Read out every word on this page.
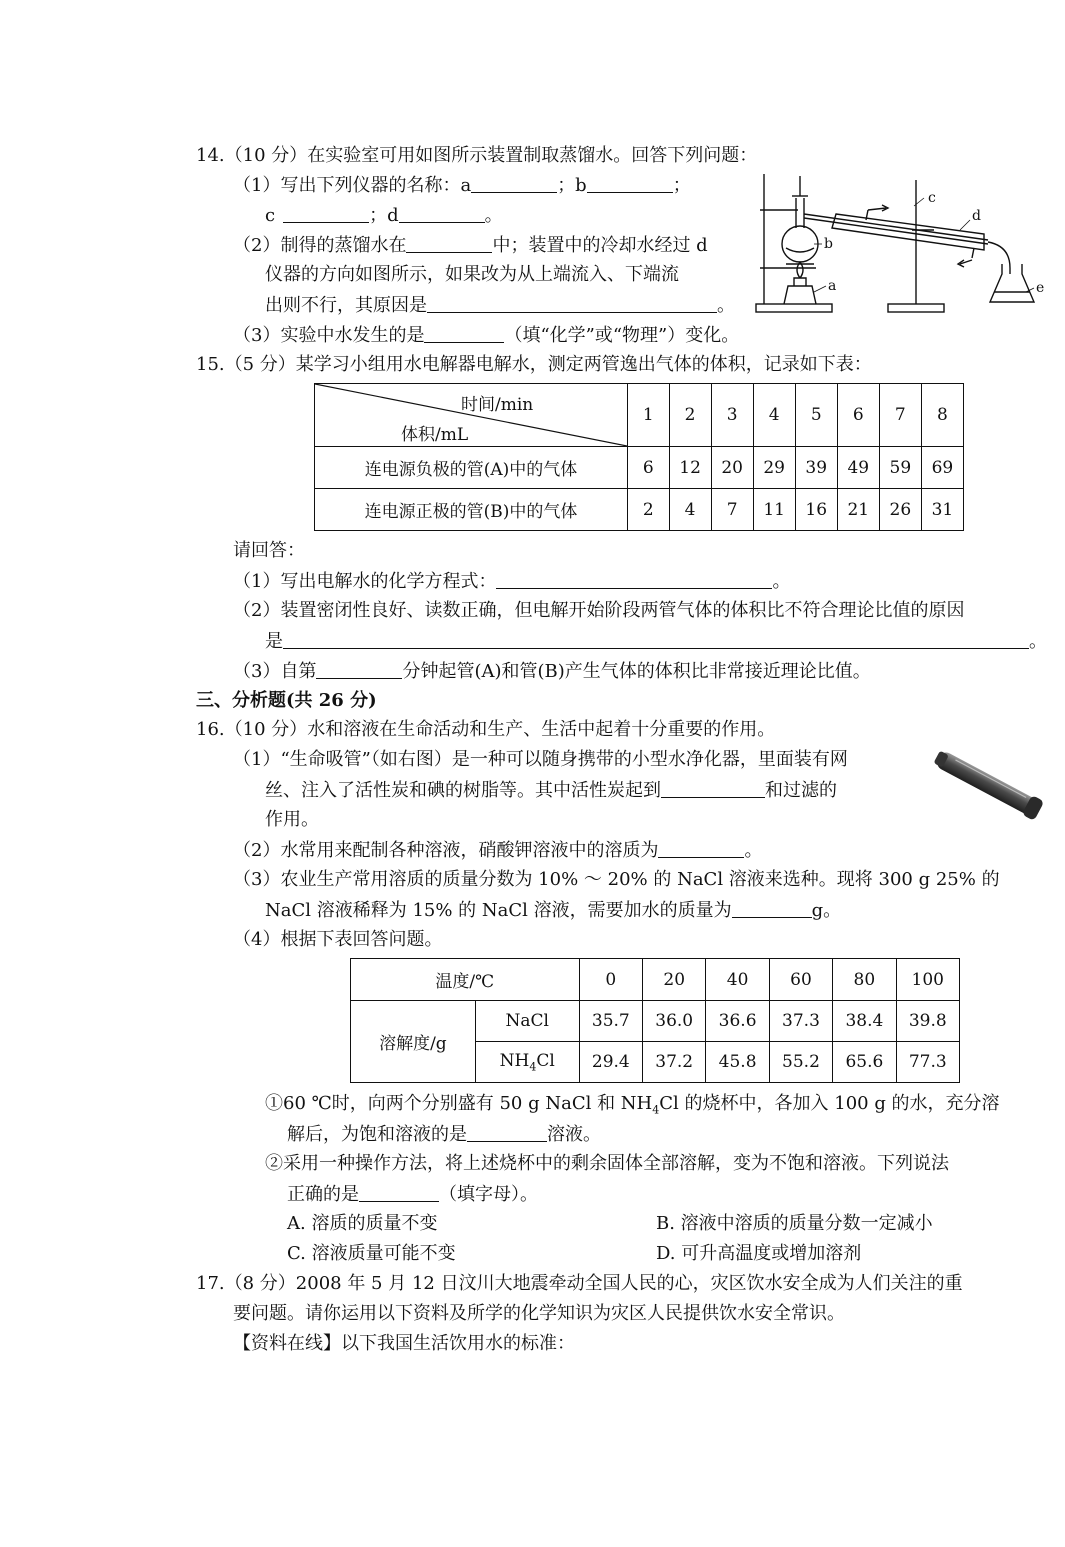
14.（10 分）在实验室可用如图所示装置制取蒸馏水。回答下列问题：
（1）写出下列仪器的名称：a	；b	；
c	；d	。
（2）制得的蒸馏水在	中；装置中的冷却水经过 d
仪器的方向如图所示，如果改为从上端流入、下端流
出则不行，其原因是	。
（3）实验中水发生的是	（填“化学”或“物理”）变化。
a
b
c
d
e
15.（5 分）某学习小组用水电解器电解水，测定两管逸出气体的体积，记录如下表：
时间/min
体积/mL	1	2	3	4	5	6	7	8
连电源负极的管(A)中的气体	6	12	20	29	39	49	59	69
连电源正极的管(B)中的气体	2	4	7	11	16	21	26	31
请回答：
（1）写出电解水的化学方程式：	。
（2）装置密闭性良好、读数正确，但电解开始阶段两管气体的体积比不符合理论比值的原因
是	。
（3）自第	分钟起管(A)和管(B)产生气体的体积比非常接近理论比值。
三、分析题(共 26 分)
16.（10 分）水和溶液在生命活动和生产、生活中起着十分重要的作用。
（1）“生命吸管”（如右图）是一种可以随身携带的小型水净化器，里面装有网
丝、注入了活性炭和碘的树脂等。其中活性炭起到	和过滤的
作用。
（2）水常用来配制各种溶液，硝酸钾溶液中的溶质为	。
（3）农业生产常用溶质的质量分数为 10% ～ 20% 的 NaCl 溶液来选种。现将 300 g 25% 的
NaCl 溶液稀释为 15% 的 NaCl 溶液，需要加水的质量为	g。
（4）根据下表回答问题。
温度/℃		0	20	40	60	80	100
溶解度/g	NaCl	35.7	36.0	36.6	37.3	38.4	39.8
	$NH_4Cl$	29.4	37.2	45.8	55.2	65.6	77.3
①60 ℃时，向两个分别盛有 50 g NaCl 和 $NH_4Cl$ 的烧杯中，各加入 100 g 的水，充分溶
解后，为饱和溶液的是	溶液。
②采用一种操作方法，将上述烧杯中的剩余固体全部溶解，变为不饱和溶液。下列说法
正确的是	（填字母）。
A. 溶质的质量不变	B. 溶液中溶质的质量分数一定减小
C. 溶液质量可能不变	D. 可升高温度或增加溶剂
17.（8 分）2008 年 5 月 12 日汶川大地震牵动全国人民的心，灾区饮水安全成为人们关注的重
要问题。请你运用以下资料及所学的化学知识为灾区人民提供饮水安全常识。
【资料在线】以下我国生活饮用水的标准：
